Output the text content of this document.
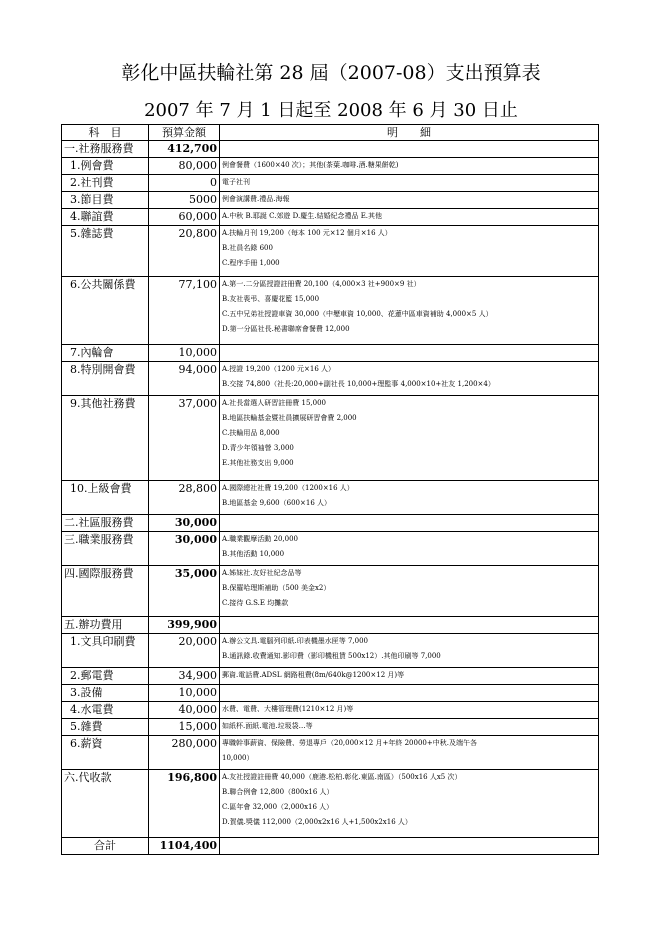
彰化中區扶輪社第 28 屆（2007-08）支出預算表
2007 年 7 月 1 日起至 2008 年 6 月 30 日止
科　目	預算金額	明　　細

一.社務服務費	412,700	

1.例會費	80,000	例會餐費（1600×40 次）；其他(茶葉.咖啡.酒.糖果餅乾)

2.社刊費	0	電子社刊

3.節目費	5000	例會演講費.禮品.海報

4.聯誼費	60,000	A.中秋 B.耶誕 C.郊遊 D.慶生.結婚紀念禮品 E.其他

5.雜誌費	20,800	A.扶輪月刊 19,200（每本 100 元×12 個月×16 人）
B.社員名錄 600
C.程序手冊 1,000

6.公共關係費	77,100	A.第一.二分區授證註冊費 20,100（4,000×3 社+900×9 社）
B.友社喪弔、喜慶花籃 15,000
C.五中兄弟社授證車資 30,000（中壢車資 10,000、花蓮中區車資補助 4,000×5 人）
D.第一分區社長.秘書聯席會餐費 12,000

7.內輪會	10,000	

8.特別開會費	94,000	A.授證 19,200（1200 元×16 人）
B.交接 74,800（社長:20,000+副社長 10,000+理監事 4,000×10+社友 1,200×4）

9.其他社務費	37,000	A.社長當選人研習註冊費 15,000
B.地區扶輪基金暨社員擴展研習會費 2,000
C.扶輪用品 8,000
D.青少年領袖營 3,000
E.其他社務支出 9,000

10.上級會費	28,800	A.國際總社社費 19,200（1200×16 人）
B.地區基金 9,600（600×16 人）

二.社區服務費	30,000	

三.職業服務費	30,000	A.職業觀摩活動 20,000
B.其他活動 10,000

四.國際服務費	35,000	A.姊妹社.友好社紀念品等
B.保羅哈理斯補助（500 美金x2）
C.接待 G.S.E 均攤款

五.辦功費用	399,900	

1.文具印刷費	20,000	A.辦公文具.電腦列印紙.印表機墨水匣等 7,000
B.通訊錄.收費通知.影印費（影印機租賃 500x12）.其他印刷等 7,000

2.郵電費	34,900	郵資.電話費.ADSL 網路租費(8m/640k@1200×12 月)等

3.設備	10,000	

4.水電費	40,000	水費、電費、大樓管理費(1210×12 月)等

5.雜費	15,000	如紙杯.面紙.電池.垃圾袋…等

6.薪資	280,000	專職幹事薪資、保險費、勞退專戶（20,000×12 月+年終 20000+中秋.及端午各
10,000）

六.代收款	196,800	A.友社授證註冊費 40,000（鹿港.松柏.彰化.東區.南區）（500x16 人x5 次）
B.聯合例會 12,800（800x16 人）
C.區年會 32,000（2,000x16 人）
D.賀儀.獎儀 112,000（2,000x2x16 人+1,500x2x16 人）

合計	1104,400	
